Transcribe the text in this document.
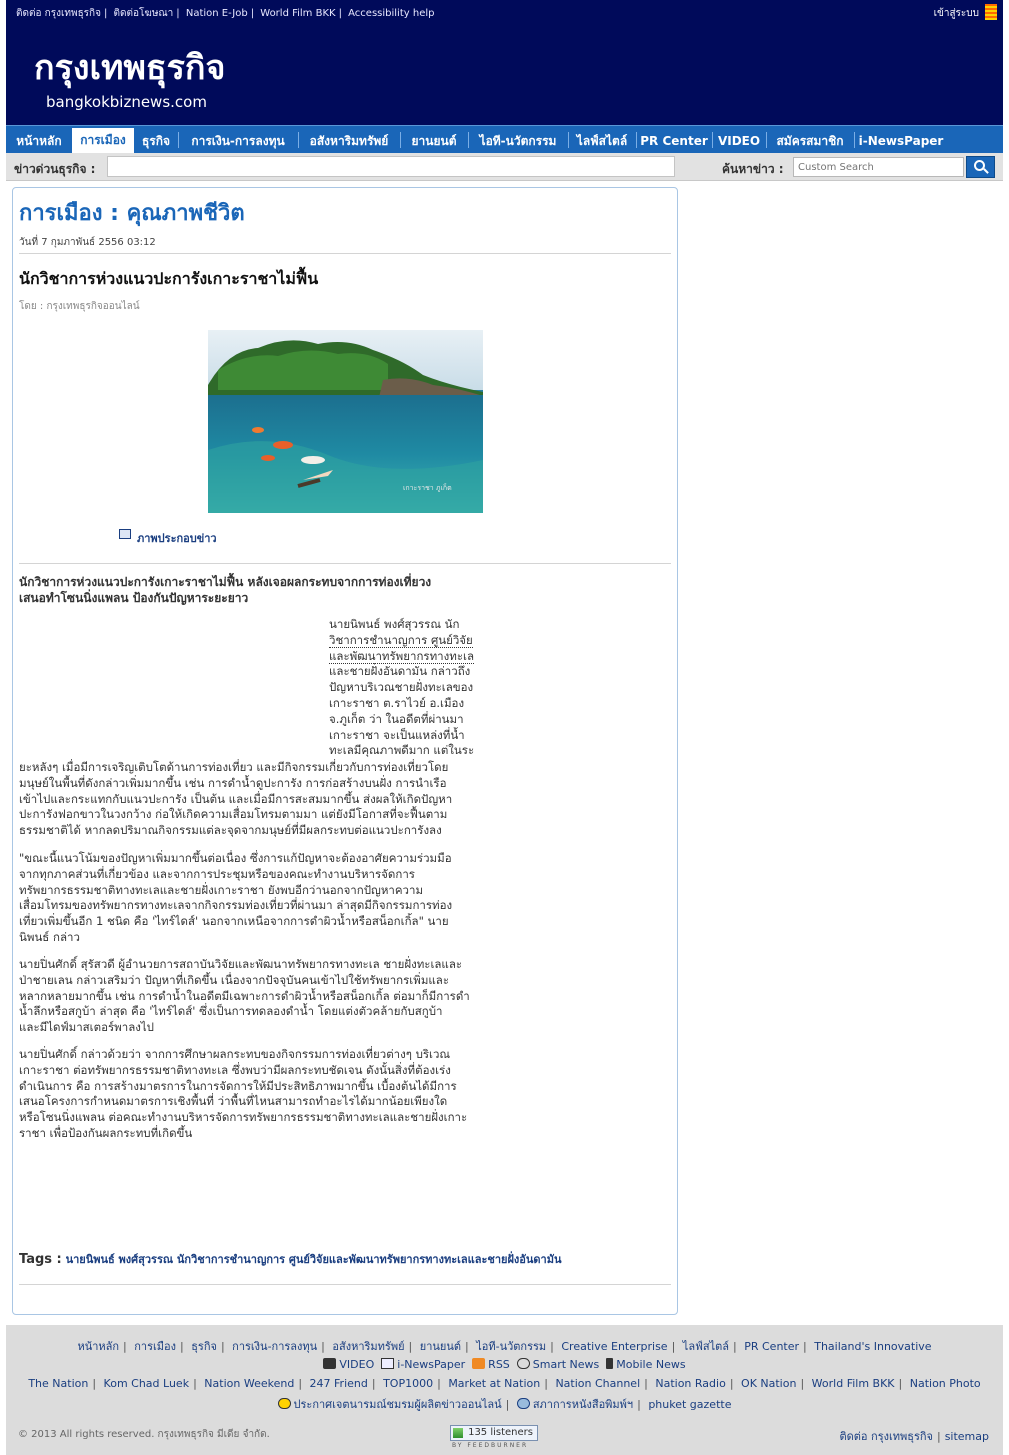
ติดต่อ กรุงเทพธุรกิจ | ติดต่อโฆษณา | Nation E-Job | World Film BKK | Accessibility help	เข้าสู่ระบบ
กรุงเทพธุรกิจ
bangkokbiznews.com
หน้าหลัก	การเมือง	ธุรกิจ	การเงิน-การลงทุน	อสังหาริมทรัพย์	ยานยนต์	ไอที-นวัตกรรม	ไลฟ์สไตล์	PR Center VIDEO	สมัครสมาชิก	i-NewsPaper
ข่าวด่วนธุรกิจ :	ค้นหาข่าว :
Custom Search
การเมือง : คุณภาพชีวิต
วันที่ 7 กุมภาพันธ์ 2556 03:12
นักวิชาการห่วงแนวปะการังเกาะราชาไม่ฟื้น
โดย : กรุงเทพธุรกิจออนไลน์
เกาะราชา ภูเก็ต
ภาพประกอบข่าว
นักวิชาการห่วงแนวปะการังเกาะราชาไม่ฟื้น หลังเจอผลกระทบจากการท่องเที่ยวง
เสนอทำโซนนิ่งแพลน ป้องกันปัญหาระยะยาว
นายนิพนธ์ พงศ์สุวรรณ นัก
วิชาการชำนาญการ ศูนย์วิจัย
และพัฒนาทรัพยากรทางทะเล
และชายฝั่งอันดามัน กล่าวถึง
ปัญหาบริเวณชายฝั่งทะเลของ
เกาะราชา ต.ราไวย์ อ.เมือง
จ.ภูเก็ต ว่า ในอดีตที่ผ่านมา
เกาะราชา จะเป็นแหล่งที่น้ำ
ทะเลมีคุณภาพดีมาก แต่ในระ
ยะหลังๆ เมื่อมีการเจริญเติบโตด้านการท่องเที่ยว และมีกิจกรรมเกี่ยวกับการท่องเที่ยวโดย
มนุษย์ในพื้นที่ดังกล่าวเพิ่มมากขึ้น เช่น การดำน้ำดูปะการัง การก่อสร้างบนฝั่ง การนำเรือ
เข้าไปและกระแทกกับแนวปะการัง เป็นต้น และเมื่อมีการสะสมมากขึ้น ส่งผลให้เกิดปัญหา
ปะการังฟอกขาวในวงกว้าง ก่อให้เกิดความเสื่อมโทรมตามมา แต่ยังมีโอกาสที่จะฟื้นตาม
ธรรมชาติได้ หากลดปริมาณกิจกรรมแต่ละจุดจากมนุษย์ที่มีผลกระทบต่อแนวปะการังลง
"ขณะนี้แนวโน้มของปัญหาเพิ่มมากขึ้นต่อเนื่อง ซึ่งการแก้ปัญหาจะต้องอาศัยความร่วมมือ
จากทุกภาคส่วนที่เกี่ยวข้อง และจากการประชุมหรือของคณะทำงานบริหารจัดการ
ทรัพยากรธรรมชาติทางทะเลและชายฝั่งเกาะราชา ยังพบอีกว่านอกจากปัญหาความ
เสื่อมโทรมของทรัพยากรทางทะเลจากกิจกรรมท่องเที่ยวที่ผ่านมา ล่าสุดมีกิจกรรมการท่อง
เที่ยวเพิ่มขึ้นอีก 1 ชนิด คือ 'ไทร์ไดส์' นอกจากเหนือจากการดำผิวน้ำหรือสน็อกเกิ้ล" นาย
นิพนธ์ กล่าว
นายปิ่นศักดิ์ สุรัสวดี ผู้อำนวยการสถาบันวิจัยและพัฒนาทรัพยากรทางทะเล ชายฝั่งทะเลและ
ป่าชายเลน กล่าวเสริมว่า ปัญหาที่เกิดขึ้น เนื่องจากปัจจุบันคนเข้าไปใช้ทรัพยากรเพิ่มและ
หลากหลายมากขึ้น เช่น การดำน้ำในอดีตมีเฉพาะการดำผิวน้ำหรือสน็อกเกิ้ล ต่อมาก็มีการดำ
น้ำลึกหรือสกูบ้า ล่าสุด คือ 'ไทร์ไดส์' ซึ่งเป็นการทดลองดำน้ำ โดยแต่งตัวคล้ายกับสกูบ้า
และมีไดฟ์มาสเตอร์พาลงไป
นายปิ่นศักดิ์ กล่าวด้วยว่า จากการศึกษาผลกระทบของกิจกรรมการท่องเที่ยวต่างๆ บริเวณ
เกาะราชา ต่อทรัพยากรธรรมชาติทางทะเล ซึ่งพบว่ามีผลกระทบชัดเจน ดังนั้นสิ่งที่ต้องเร่ง
ดำเนินการ คือ การสร้างมาตรการในการจัดการให้มีประสิทธิภาพมากขึ้น เบื้องต้นได้มีการ
เสนอโครงการกำหนดมาตรการเชิงพื้นที่ ว่าพื้นที่ไหนสามารถทำอะไรได้มากน้อยเพียงใด
หรือโซนนิ่งแพลน ต่อคณะทำงานบริหารจัดการทรัพยากรธรรมชาติทางทะเลและชายฝั่งเกาะ
ราชา เพื่อป้องกันผลกระทบที่เกิดขึ้น
Tags : นายนิพนธ์ พงศ์สุวรรณ นักวิชาการชำนาญการ ศูนย์วิจัยและพัฒนาทรัพยากรทางทะเลและชายฝั่งอันดามัน
หน้าหลัก | การเมือง | ธุรกิจ | การเงิน-การลงทุน | อสังหาริมทรัพย์ | ยานยนต์ | ไอที-นวัตกรรม | Creative Enterprise | ไลฟ์สไตล์ | PR Center | Thailand's Innovative
VIDEO i-NewsPaper RSS Smart News Mobile News
The Nation | Kom Chad Luek | Nation Weekend | 247 Friend | TOP1000 | Market at Nation | Nation Channel | Nation Radio | OK Nation | World Film BKK | Nation Photo
ประกาศเจตนารมณ์ชมรมผู้ผลิตข่าวออนไลน์ | สภาการหนังสือพิมพ์ฯ | phuket gazette
© 2013 All rights reserved. กรุงเทพธุรกิจ มีเดีย จำกัด.	135 listeners
BY FEEDBURNER
ติดต่อ กรุงเทพธุรกิจ | sitemap
